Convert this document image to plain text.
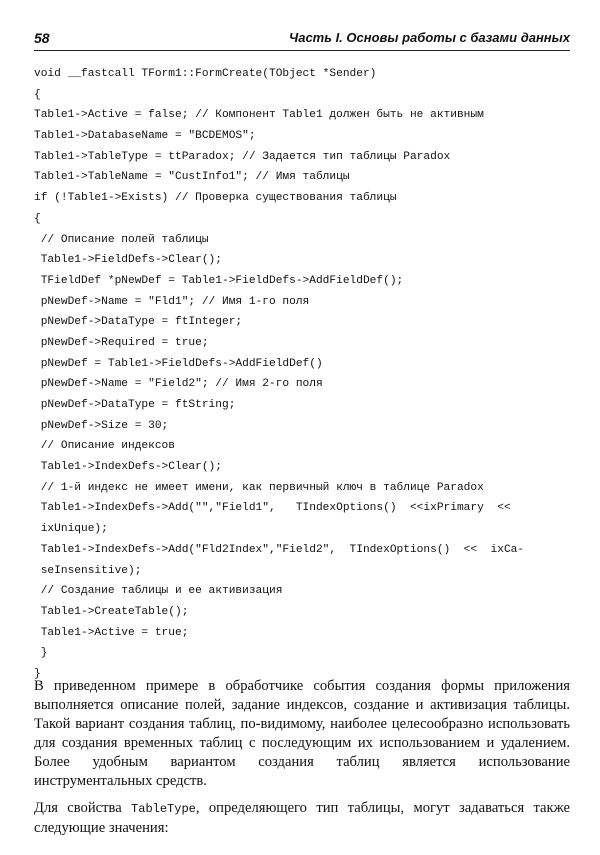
58	Часть I. Основы работы с базами данных
void __fastcall TForm1::FormCreate(TObject *Sender)
{
Table1->Active = false; // Компонент Table1 должен быть не активным
Table1->DatabaseName = "BCDEMOS";
Table1->TableType = ttParadox; // Задается тип таблицы Paradox
Table1->TableName = "CustInfo1"; // Имя таблицы
if (!Table1->Exists) // Проверка существования таблицы
{
// Описание полей таблицы
Table1->FieldDefs->Clear();
TFieldDef *pNewDef = Table1->FieldDefs->AddFieldDef();
pNewDef->Name = "Fld1"; // Имя 1-го поля
pNewDef->DataType = ftInteger;
pNewDef->Required = true;
pNewDef = Table1->FieldDefs->AddFieldDef()
pNewDef->Name = "Field2"; // Имя 2-го поля
pNewDef->DataType = ftString;
pNewDef->Size = 30;
// Описание индексов
Table1->IndexDefs->Clear();
// 1-й индекс не имеет имени, как первичный ключ в таблице Paradox
Table1->IndexDefs->Add("","Field1",   TIndexOptions()  <<ixPrimary  <<
ixUnique);
Table1->IndexDefs->Add("Fld2Index","Field2",  TIndexOptions()  <<  ixCa-
seInsensitive);
// Создание таблицы и ее активизация
Table1->CreateTable();
Table1->Active = true;
}
}

В приведенном примере в обработчике события создания формы приложения выполняется описание полей, задание индексов, создание и активизация таблицы. Такой вариант создания таблиц, по-видимому, наиболее целесообразно использовать для создания временных таблиц с последующим их использованием и удалением. Более удобным вариантом создания таблиц является использование инструментальных средств.

Для свойства TableType, определяющего тип таблицы, могут задаваться также следующие значения:
